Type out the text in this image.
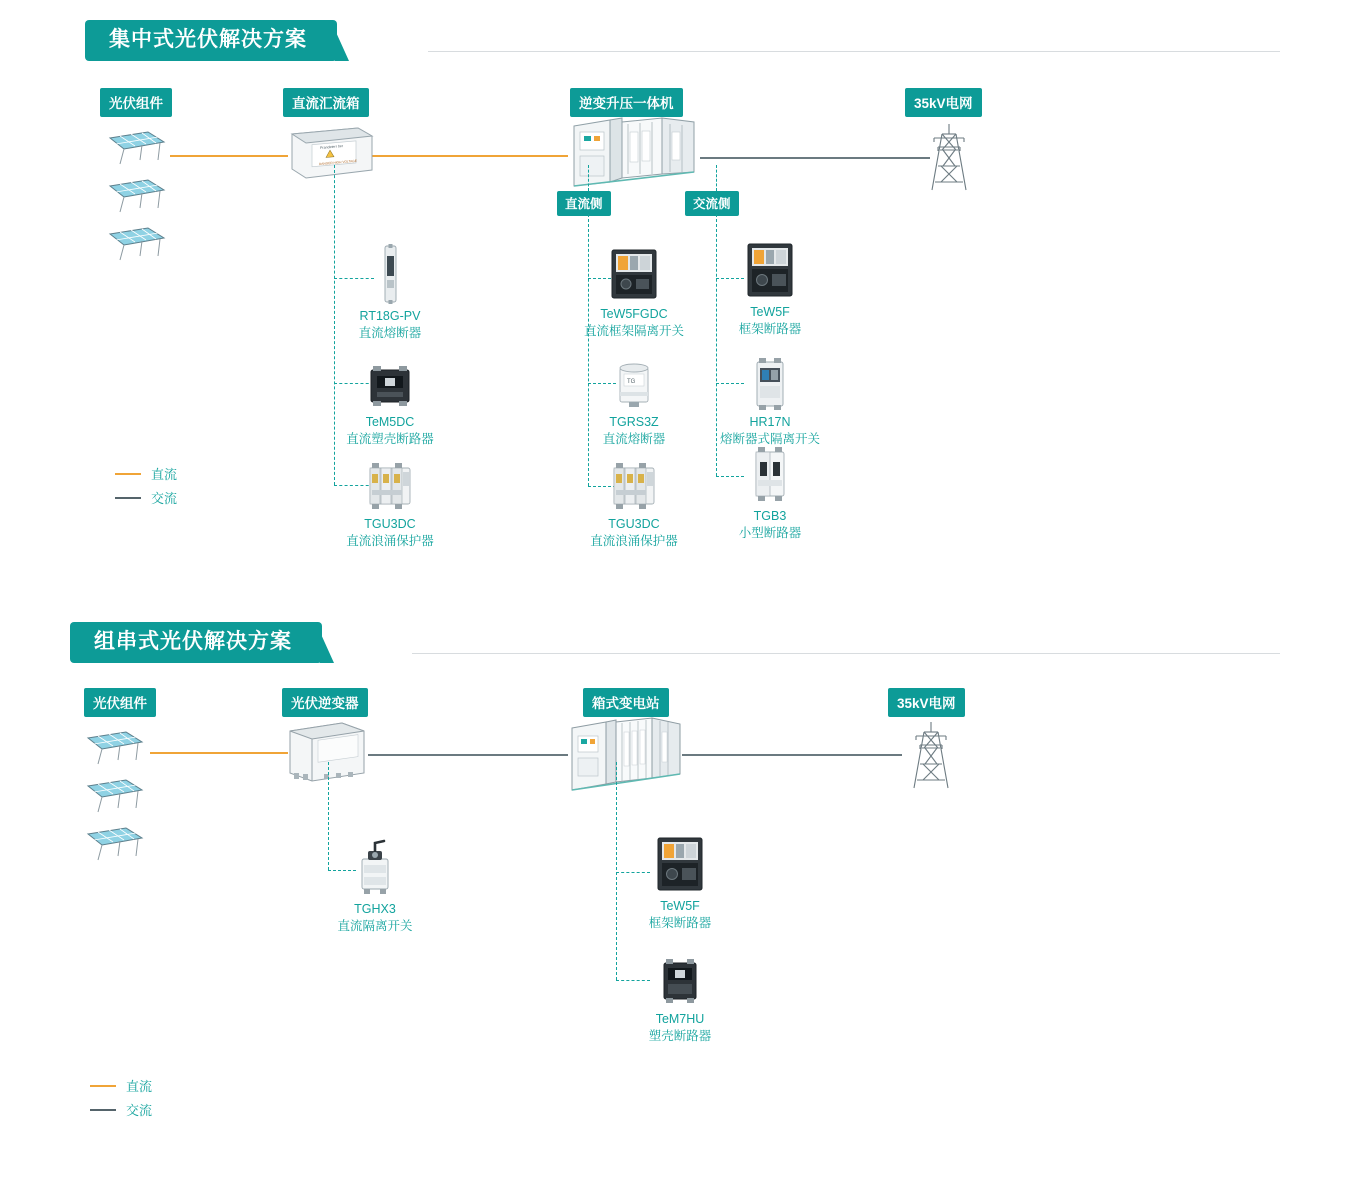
集中式光伏解决方案
光伏组件	直流汇流箱	逆变升压一体机	35kV电网
Prandeterr ber
DANGER HIGH VOLTAGE
直流侧	交流侧
RT18G-PV
直流熔断器
TeM5DC
直流塑壳断路器
TGU3DC
直流浪涌保护器
TeW5FGDC
直流框架隔离开关
TG
TGRS3Z
直流熔断器
TGU3DC
直流浪涌保护器
TeW5F
框架断路器
HR17N
熔断器式隔离开关
TGB3
小型断路器
直流
交流
组串式光伏解决方案
光伏组件	光伏逆变器	箱式变电站	35kV电网
TGHX3
直流隔离开关
TeW5F
框架断路器
TeM7HU
塑壳断路器
直流
交流
